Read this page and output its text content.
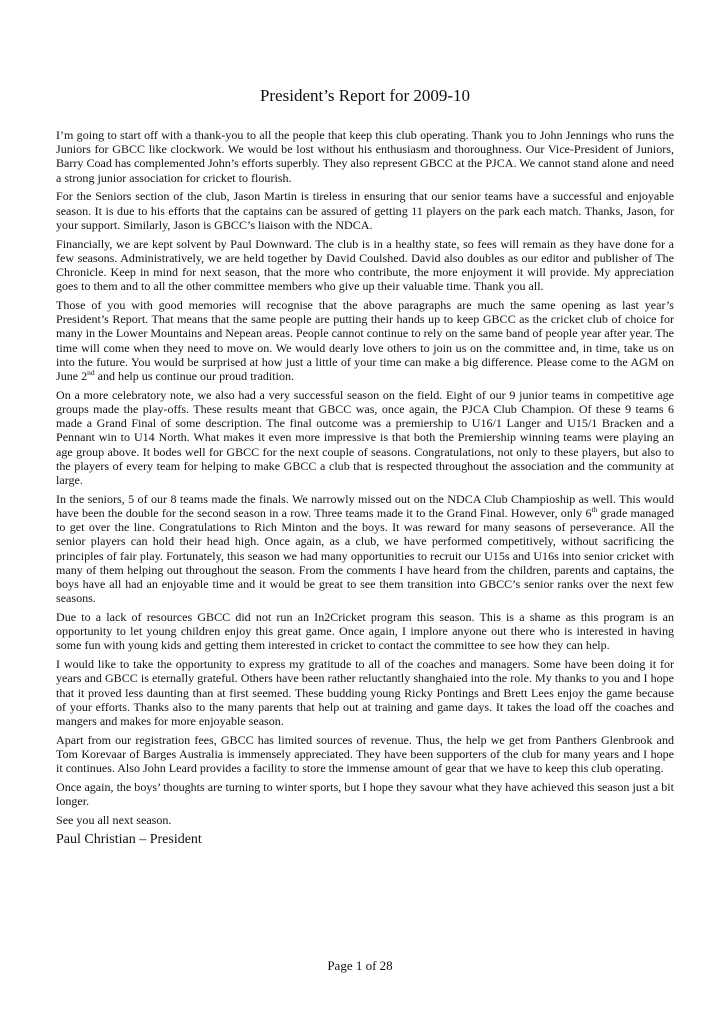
President’s Report for 2009-10

I’m going to start off with a thank-you to all the people that keep this club operating. Thank you to John Jennings who runs the Juniors for GBCC like clockwork. We would be lost without his enthusiasm and thoroughness. Our Vice-President of Juniors, Barry Coad has complemented John’s efforts superbly. They also represent GBCC at the PJCA. We cannot stand alone and need a strong junior association for cricket to flourish.

For the Seniors section of the club, Jason Martin is tireless in ensuring that our senior teams have a successful and enjoyable season. It is due to his efforts that the captains can be assured of getting 11 players on the park each match. Thanks, Jason, for your support. Similarly, Jason is GBCC’s liaison with the NDCA.

Financially, we are kept solvent by Paul Downward. The club is in a healthy state, so fees will remain as they have done for a few seasons. Administratively, we are held together by David Coulshed. David also doubles as our editor and publisher of The Chronicle. Keep in mind for next season, that the more who contribute, the more enjoyment it will provide. My appreciation goes to them and to all the other committee members who give up their valuable time. Thank you all.

Those of you with good memories will recognise that the above paragraphs are much the same opening as last year’s President’s Report. That means that the same people are putting their hands up to keep GBCC as the cricket club of choice for many in the Lower Mountains and Nepean areas. People cannot continue to rely on the same band of people year after year. The time will come when they need to move on. We would dearly love others to join us on the committee and, in time, take us on into the future. You would be surprised at how just a little of your time can make a big difference. Please come to the AGM on June 2nd and help us continue our proud tradition.

On a more celebratory note, we also had a very successful season on the field. Eight of our 9 junior teams in competitive age groups made the play-offs. These results meant that GBCC was, once again, the PJCA Club Champion. Of these 9 teams 6 made a Grand Final of some description. The final outcome was a premiership to U16/1 Langer and U15/1 Bracken and a Pennant win to U14 North. What makes it even more impressive is that both the Premiership winning teams were playing an age group above. It bodes well for GBCC for the next couple of seasons. Congratulations, not only to these players, but also to the players of every team for helping to make GBCC a club that is respected throughout the association and the community at large.

In the seniors, 5 of our 8 teams made the finals. We narrowly missed out on the NDCA Club Champioship as well. This would have been the double for the second season in a row. Three teams made it to the Grand Final. However, only 6th grade managed to get over the line. Congratulations to Rich Minton and the boys. It was reward for many seasons of perseverance. All the senior players can hold their head high. Once again, as a club, we have performed competitively, without sacrificing the principles of fair play. Fortunately, this season we had many opportunities to recruit our U15s and U16s into senior cricket with many of them helping out throughout the season. From the comments I have heard from the children, parents and captains, the boys have all had an enjoyable time and it would be great to see them transition into GBCC’s senior ranks over the next few seasons.

Due to a lack of resources GBCC did not run an In2Cricket program this season. This is a shame as this program is an opportunity to let young children enjoy this great game. Once again, I implore anyone out there who is interested in having some fun with young kids and getting them interested in cricket to contact the committee to see how they can help.

I would like to take the opportunity to express my gratitude to all of the coaches and managers. Some have been doing it for years and GBCC is eternally grateful. Others have been rather reluctantly shanghaied into the role. My thanks to you and I hope that it proved less daunting than at first seemed. These budding young Ricky Pontings and Brett Lees enjoy the game because of your efforts. Thanks also to the many parents that help out at training and game days. It takes the load off the coaches and mangers and makes for more enjoyable season.

Apart from our registration fees, GBCC has limited sources of revenue. Thus, the help we get from Panthers Glenbrook and Tom Korevaar of Barges Australia is immensely appreciated. They have been supporters of the club for many years and I hope it continues. Also John Leard provides a facility to store the immense amount of gear that we have to keep this club operating.

Once again, the boys’ thoughts are turning to winter sports, but I hope they savour what they have achieved this season just a bit longer.

See you all next season.

Paul Christian – President

Page 1 of 28
